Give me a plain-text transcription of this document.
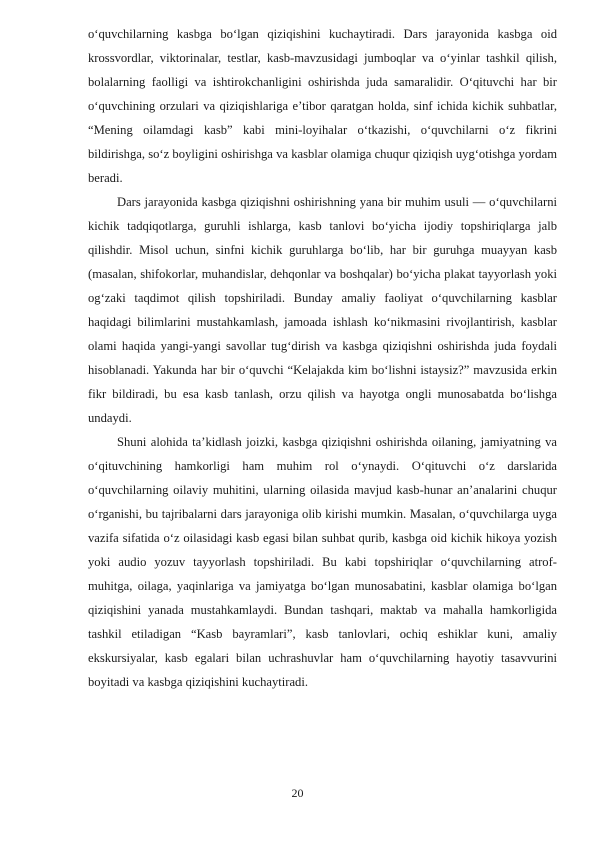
o‘quvchilarning kasbga bo‘lgan qiziqishini kuchaytiradi. Dars jarayonida kasbga oid krossvordlar, viktorinalar, testlar, kasb-mavzusidagi jumboqlar va o‘yinlar tashkil qilish, bolalarning faolligi va ishtirokchanligini oshirishda juda samaralidir. O‘qituvchi har bir o‘quvchining orzulari va qiziqishlariga e’tibor qaratgan holda, sinf ichida kichik suhbatlar, “Mening oilamdagi kasb” kabi mini-loyihalar o‘tkazishi, o‘quvchilarni o‘z fikrini bildirishga, so‘z boyligini oshirishga va kasblar olamiga chuqur qiziqish uyg‘otishga yordam beradi.

Dars jarayonida kasbga qiziqishni oshirishning yana bir muhim usuli — o‘quvchilarni kichik tadqiqotlarga, guruhli ishlarga, kasb tanlovi bo‘yicha ijodiy topshiriqlarga jalb qilishdir. Misol uchun, sinfni kichik guruhlarga bo‘lib, har bir guruhga muayyan kasb (masalan, shifokorlar, muhandislar, dehqonlar va boshqalar) bo‘yicha plakat tayyorlash yoki og‘zaki taqdimot qilish topshiriladi. Bunday amaliy faoliyat o‘quvchilarning kasblar haqidagi bilimlarini mustahkamlash, jamoada ishlash ko‘nikmasini rivojlantirish, kasblar olami haqida yangi-yangi savollar tug‘dirish va kasbga qiziqishni oshirishda juda foydali hisoblanadi. Yakunda har bir o‘quvchi “Kelajakda kim bo‘lishni istaysiz?” mavzusida erkin fikr bildiradi, bu esa kasb tanlash, orzu qilish va hayotga ongli munosabatda bo‘lishga undaydi.

Shuni alohida ta’kidlash joizki, kasbga qiziqishni oshirishda oilaning, jamiyatning va o‘qituvchining hamkorligi ham muhim rol o‘ynaydi. O‘qituvchi o‘z darslarida o‘quvchilarning oilaviy muhitini, ularning oilasida mavjud kasb-hunar an’analarini chuqur o‘rganishi, bu tajribalarni dars jarayoniga olib kirishi mumkin. Masalan, o‘quvchilarga uyga vazifa sifatida o‘z oilasidagi kasb egasi bilan suhbat qurib, kasbga oid kichik hikoya yozish yoki audio yozuv tayyorlash topshiriladi. Bu kabi topshiriqlar o‘quvchilarning atrof-muhitga, oilaga, yaqinlariga va jamiyatga bo‘lgan munosabatini, kasblar olamiga bo‘lgan qiziqishini yanada mustahkamlaydi. Bundan tashqari, maktab va mahalla hamkorligida tashkil etiladigan “Kasb bayramlari”, kasb tanlovlari, ochiq eshiklar kuni, amaliy ekskursiyalar, kasb egalari bilan uchrashuvlar ham o‘quvchilarning hayotiy tasavvurini boyitadi va kasbga qiziqishini kuchaytiradi.

20
